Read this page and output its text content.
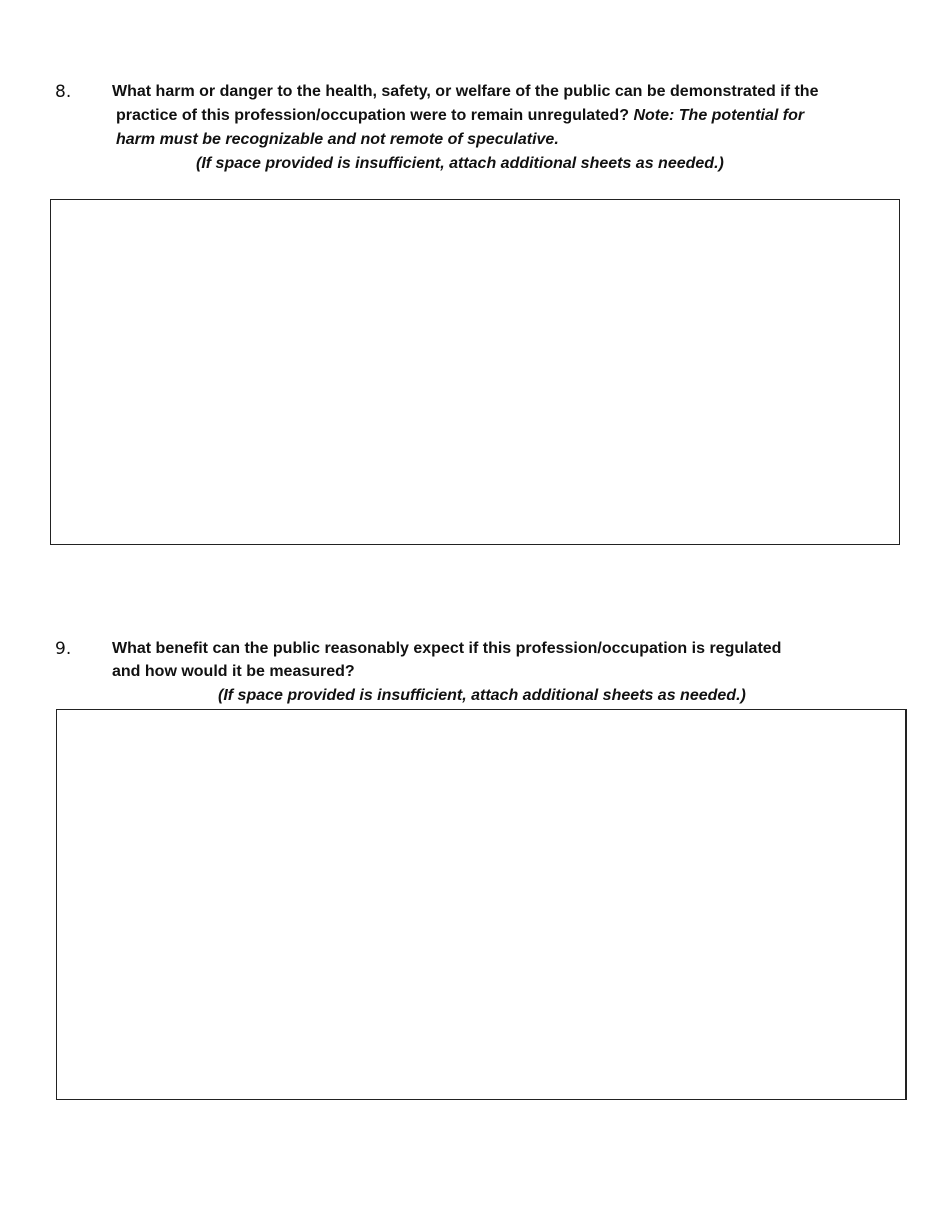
8.	What harm or danger to the health, safety, or welfare of the public can be demonstrated if the
practice of this profession/occupation were to remain unregulated? Note: The potential for
harm must be recognizable and not remote of speculative.
(If space provided is insufficient, attach additional sheets as needed.)
9.	What benefit can the public reasonably expect if this profession/occupation is regulated
and how would it be measured?
(If space provided is insufficient, attach additional sheets as needed.)
